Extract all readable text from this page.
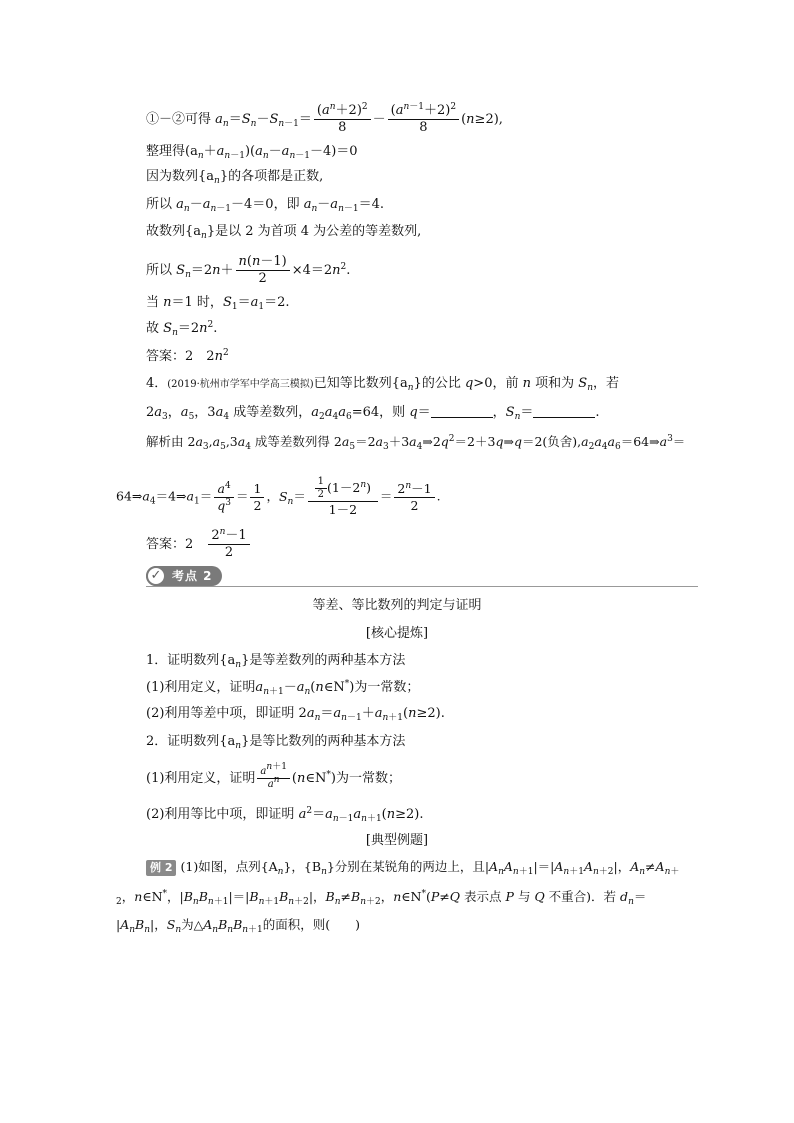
①－②可得 $a_n=S_n-S_{n-1}= \frac{(a^n+2)^2}{8} - \frac{(a^{n-1}+2)^2}{8} (n\ge 2)$,
整理得$(a_n+a_{n-1})(a_n-a_{n-1}-4)=0$
因为数列$\{a_n\}$的各项都是正数,
所以 $a_n-a_{n-1}-4=0$，即 $a_n-a_{n-1}=4$.
故数列$\{a_n\}$是以 2 为首项 4 为公差的等差数列,
所以 $S_n=2n+ \frac{n(n-1)}{2} \times 4=2n^2$.
当 n＝1 时，$S_1=a_1=2$.
故 $S_n=2n^2$.
答案：2　$2n^2$
4．(2019·杭州市学军中学高三模拟)已知等比数列$\{a_n\}$的公比 q>0，前 n 项和为 $S_n$，若
$2a_3$，$a_5$，$3a_4$ 成等差数列，$a_2a_4a_6=64$，则 q＝	，$S_n=$	.
解析由 $2a_3,a_5,3a_4$ 成等差数列得 $2a_5=2a_3+3a_4\Rightarrow 2q^2=2+3q\Rightarrow q=2$(负舍)$,a_2a_4a_6=64\Rightarrow a^3=$
$64\Rightarrow a_4=4\Rightarrow a_1= \frac{a^4}{q^3} = \frac{1}{2}$ ，$S_n= \frac{\frac{1}{2} (1-2^n)}{1-2} = \frac{2^n-1}{2}$ .
答案：2　 $\frac{2^n-1}{2}$
✓ 考点 2
等差、等比数列的判定与证明
[核心提炼]
1．证明数列$\{a_n\}$是等差数列的两种基本方法
(1)利用定义，证明$a_{n+1}-a_n(n\in N^*)$为一常数；
(2)利用等差中项，即证明 $2a_n=a_{n-1}+a_{n+1}(n\ge 2)$.
2．证明数列$\{a_n\}$是等比数列的两种基本方法
(1)利用定义，证明 $\frac{a^{n+1}}{a^n}$ (n∈N*)为一常数；
(2)利用等比中项，即证明 $a^2=a_{n-1}a_{n+1}(n\ge 2)$.
[典型例题]
例 2 (1)如图，点列$\{A_n\}$，$\{B_n\}$分别在某锐角的两边上，且$|A_nA_{n+1}|=|A_{n+1}A_{n+2}|$，$A_n\ne A_{n+}$
$_2$，n∈N*，$|B_nB_{n+1}|=|B_{n+1}B_{n+2}|$，$B_n\ne B_{n+2}$，n∈N*(P≠Q 表示点 P 与 Q 不重合)．若 $d_n=$
$|A_nB_n|$，$S_n$为$\triangle A_nB_nB_{n+1}$的面积，则(　　)
